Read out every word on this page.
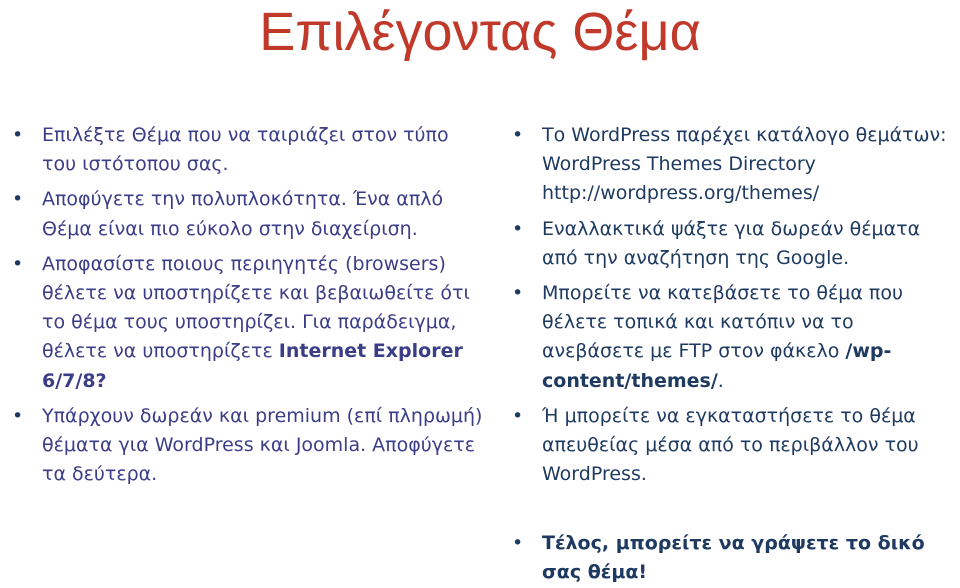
Επιλέγοντας Θέμα
• Επιλέξτε Θέμα που να ταιριάζει στον τύπο του ιστότοπου σας.
• Αποφύγετε την πολυπλοκότητα. Ένα απλό Θέμα είναι πιο εύκολο στην διαχείριση.
• Αποφασίστε ποιους περιηγητές (browsers) θέλετε να υποστηρίζετε και βεβαιωθείτε ότι το θέμα τους υποστηρίζει. Για παράδειγμα, θέλετε να υποστηρίζετε Internet Explorer 6/7/8?
• Υπάρχουν δωρεάν και premium (επί πληρωμή) θέματα για WordPress και Joomla. Αποφύγετε τα δεύτερα.
• Το WordPress παρέχει κατάλογο θεμάτων: WordPress Themes Directory http://wordpress.org/themes/
• Εναλλακτικά ψάξτε για δωρεάν θέματα από την αναζήτηση της Google.
• Μπορείτε να κατεβάσετε το θέμα που θέλετε τοπικά και κατόπιν να το ανεβάσετε με FTP στον φάκελο /wp-content/themes/.
• Ή μπορείτε να εγκαταστήσετε το θέμα απευθείας μέσα από το περιβάλλον του WordPress.
• Τέλος, μπορείτε να γράψετε το δικό σας θέμα!
